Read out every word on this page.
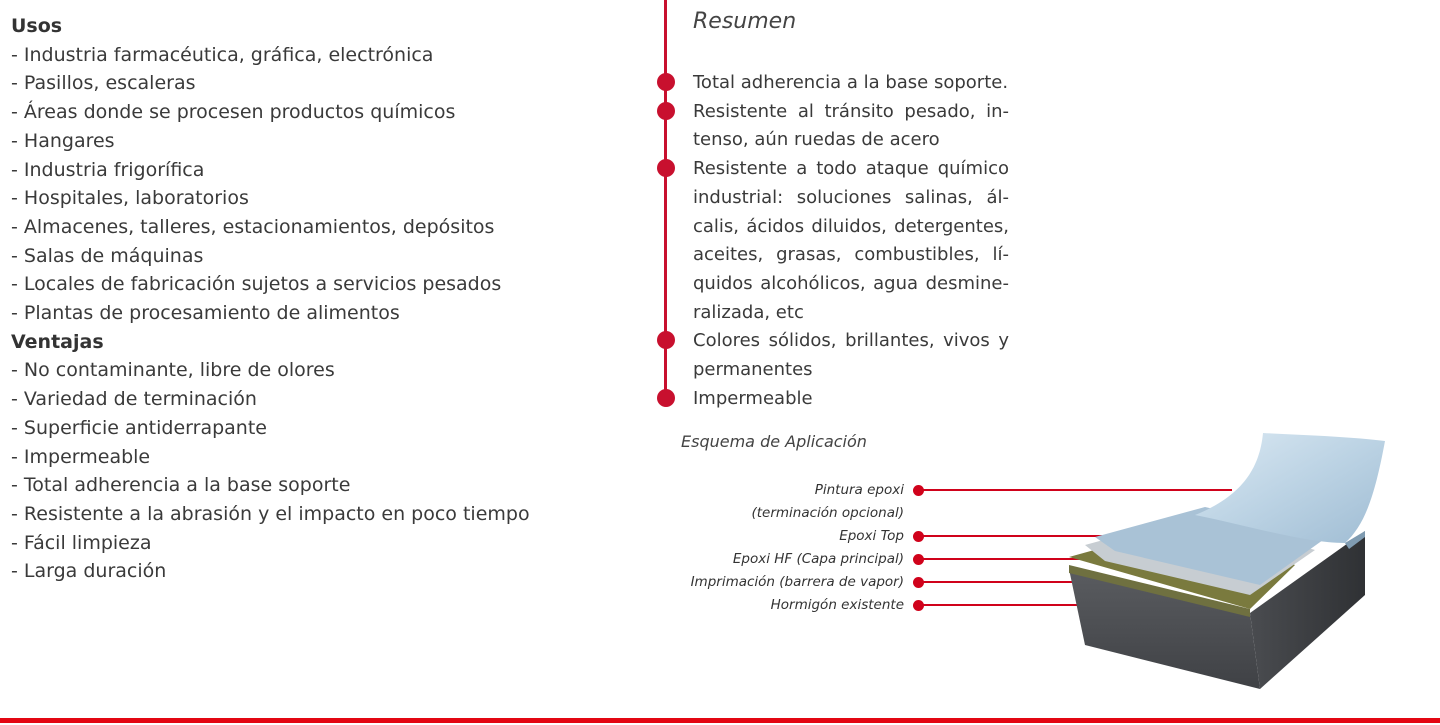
Usos
- Industria farmacéutica, gráfica, electrónica
- Pasillos, escaleras
- Áreas donde se procesen productos químicos
- Hangares
- Industria frigorífica
- Hospitales, laboratorios
- Almacenes, talleres, estacionamientos, depósitos
- Salas de máquinas
- Locales de fabricación sujetos a servicios pesados
- Plantas de procesamiento de alimentos
Ventajas
- No contaminante, libre de olores
- Variedad de terminación
- Superficie antiderrapante
- Impermeable
- Total adherencia a la base soporte
- Resistente a la abrasión y el impacto en poco tiempo
- Fácil limpieza
- Larga duración
Resumen
Total adherencia a la base soporte.
Resistente al tránsito pesado, in-tenso, aún ruedas de acero
Resistente a todo ataque químico industrial: soluciones salinas, ál-calis, ácidos diluidos, detergentes, aceites, grasas, combustibles, lí-quidos alcohólicos, agua desmine-ralizada, etc
Colores sólidos, brillantes, vivos y permanentes
Impermeable
Esquema de Aplicación
Pintura epoxi
(terminación opcional)
Epoxi Top
Epoxi HF (Capa principal)
Imprimación (barrera de vapor)
Hormigón existente
